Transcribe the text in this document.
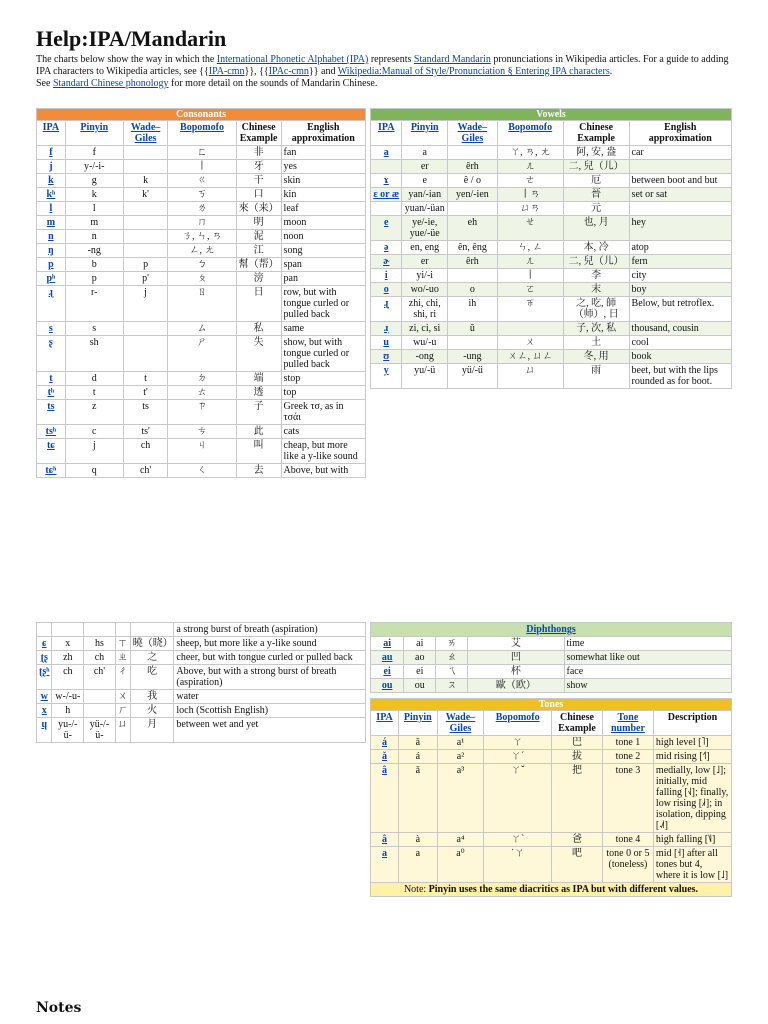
Help:IPA/Mandarin
The charts below show the way in which the International Phonetic Alphabet (IPA) represents Standard Mandarin pronunciations in Wikipedia articles. For a guide to adding IPA characters to Wikipedia articles, see {{IPA-cmn}}, {{IPAc-cmn}} and Wikipedia:Manual of Style/Pronunciation § Entering IPA characters.
See Standard Chinese phonology for more detail on the sounds of Mandarin Chinese.
Consonants					
IPA	Pinyin	Wade–Giles	Bopomofo	Chinese Example	English approximation
f	f		ㄈ	非	fan
j	y-/-i-		丨	牙	yes
k	g	k	ㄍ	干	skin
kʰ	k	k'	ㄎ	口	kin
l	l		ㄌ	來（来）	leaf
m	m		ㄇ	明	moon
n	n		ㄋ, ㄣ, ㄢ	泥	noon
ŋ	-ng		ㄥ, ㄤ	江	song
p	b	p	ㄅ	幫（帮）	span
pʰ	p	p'	ㄆ	滂	pan
ɻ	r-	j	ㄖ	日	row, but with tongue curled or pulled back
s	s		ㄙ	私	same
ʂ	sh		ㄕ	失	show, but with tongue curled or pulled back
t	d	t	ㄉ	端	stop
tʰ	t	t'	ㄊ	透	top
ts	z	ts	ㄗ	子	Greek τσ, as in τσάι
tsʰ	c	ts'	ㄘ	此	cats
tɕ	j	ch	ㄐ	叫	cheap, but more like a y-like sound
tɕʰ	q	ch'	ㄑ	去	Above, but with
					a strong burst of breath (aspiration)
ɕ	x	hs	ㄒ	曉（晓）	sheep, but more like a y-like sound
ʈʂ	zh	ch	ㄓ	之	cheer, but with tongue curled or pulled back
ʈʂʰ	ch	ch'	ㄔ	吃	Above, but with a strong burst of breath (aspiration)
w	w-/-u-		ㄨ	我	water
x	h		ㄏ	火	loch (Scottish English)
ɥ	yu-/-ü-	yü-/-ü-	ㄩ	月	between wet and yet
Vowels					
IPA	Pinyin	Wade–Giles	Bopomofo	Chinese Example	English approximation
a	a		ㄚ, ㄢ, ㄤ	阿, 安, 盎	car
	er	êrh	ㄦ	二, 兒（儿）	
ɤ	e	ê / o	ㄜ	厄	between boot and but
ɛ or æ	yan/-ian	yen/-ien	丨ㄢ	晉	set or sat
	yuan/-üan		ㄩㄢ	元	
e	ye/-ie, yue/-üe	eh	ㄝ	也, 月	hey
ə	en, eng	ên, êng	ㄣ, ㄥ	本, 冷	atop
ɚ	er	êrh	ㄦ	二, 兒（儿）	fern
i	yi/-i		丨	李	city
o	wo/-uo	o	ㄛ	末	boy
ɻ̩	zhi, chi, shi, ri	ih	ㄭ	之, 吃, 師（师）, 日	Below, but retroflex.
ɹ̩	zi, ci, si	ŭ		子, 次, 私	thousand, cousin
u	wu/-u		ㄨ	土	cool
ʊ	-ong	-ung	ㄨㄥ, ㄩㄥ	冬, 用	book
y	yu/-ü	yü/-ü	ㄩ	雨	beet, but with the lips rounded as for boot.
Diphthongs				
ai	ai	ㄞ	艾	time
au	ao	ㄠ	凹	somewhat like out
ei	ei	ㄟ	杯	face
ou	ou	ㄡ	歐（欧）	show
Tones						
IPA	Pinyin	Wade–Giles	Bopomofo	Chinese Example	Tone number	Description
á	ā	a¹	ㄚ	巴	tone 1	high level [˥]
ǎ	á	a²	ㄚˊ	拔	tone 2	mid rising [˧˥]
â	ǎ	a³	ㄚˇ	把	tone 3	medially, low [˩]; initially, mid falling [˧˩]; finally, low rising [˩˧]; in isolation, dipping [˨˩˦]
â	à	a⁴	ㄚˋ	爸	tone 4	high falling [˥˩]
a	a	a⁰	˙ㄚ	吧	tone 0 or 5 (toneless)	mid [˧] after all tones but 4, where it is low [˩]
Note: Pinyin uses the same diacritics as IPA but with different values.						
Notes
